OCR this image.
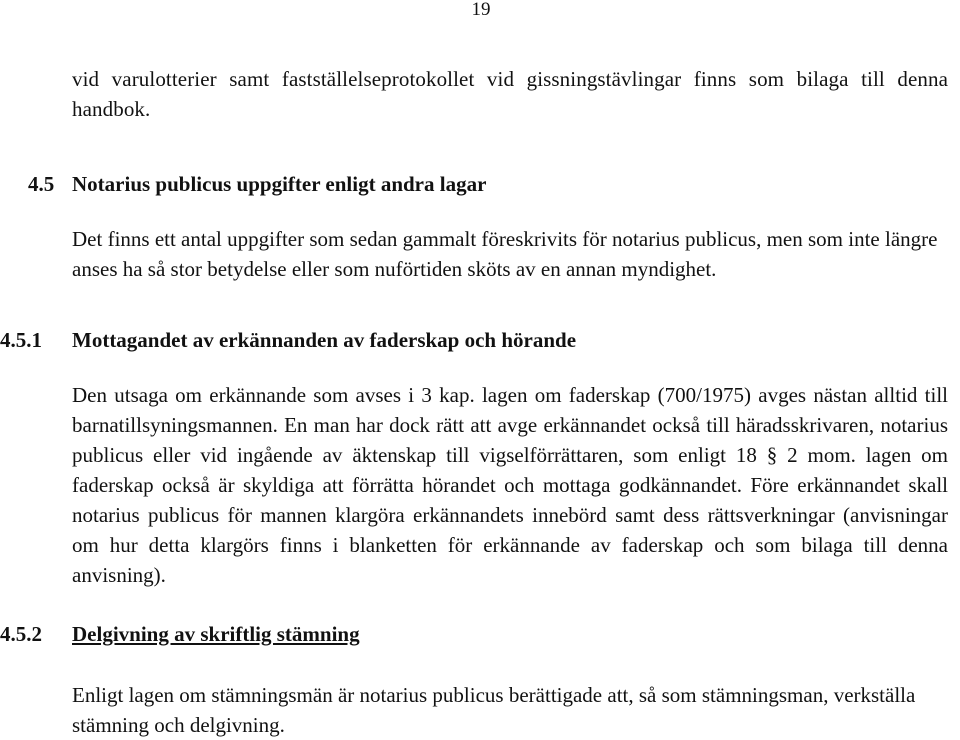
19

vid varulotterier samt fastställelseprotokollet vid gissningstävlingar finns som bilaga till denna handbok.

4.5 Notarius publicus uppgifter enligt andra lagar

Det finns ett antal uppgifter som sedan gammalt föreskrivits för notarius publicus, men som inte längre anses ha så stor betydelse eller som nuförtiden sköts av en annan myndighet.

4.5.1 Mottagandet av erkännanden av faderskap och hörande

Den utsaga om erkännande som avses i 3 kap. lagen om faderskap (700/1975) avges nästan alltid till barnatillsyningsmannen. En man har dock rätt att avge erkännandet också till häradsskrivaren, notarius publicus eller vid ingående av äktenskap till vigselförrättaren, som enligt 18 § 2 mom. lagen om faderskap också är skyldiga att förrätta hörandet och mottaga godkännandet. Före erkännandet skall notarius publicus för mannen klargöra erkännandets innebörd samt dess rättsverkningar (anvisningar om hur detta klargörs finns i blanketten för erkännande av faderskap och som bilaga till denna anvisning).

4.5.2 Delgivning av skriftlig stämning

Enligt lagen om stämningsmän är notarius publicus berättigade att, så som stämningsman, verkställa stämning och delgivning.
